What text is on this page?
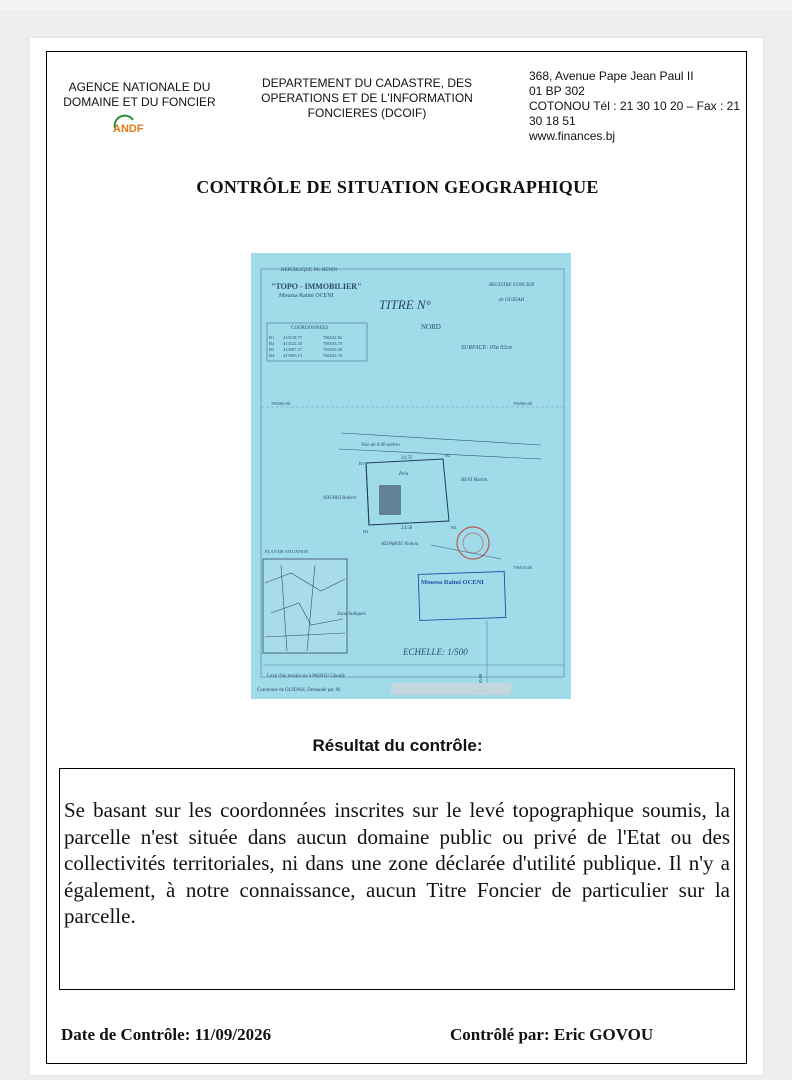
AGENCE NATIONALE DU DOMAINE ET DU FONCIER
ANDF
DEPARTEMENT DU CADASTRE, DES OPERATIONS ET DE L'INFORMATION FONCIERES (DCOIF)
368, Avenue Pape Jean Paul II
01 BP 302
COTONOU Tél : 21 30 10 20 – Fax : 21 30 18 51
www.finances.bj
CONTRÔLE DE SITUATION GEOGRAPHIQUE
REPUBLIQUE DU BENIN
"TOPO - IMMOBILIER"
Moussa Raimi OCENI
TITRE N°
REGISTRE FONCIER
de OUIDAH
COORDONNEES
B1 413118.77	706542.82
B2 413122.33	706535.75
B3 413097.27	706545.45
B4 413095.15	706542.70
NORD
SURFACE: 05a 02ca
706560.00	706560.00
Voie de 8.00 mètres
24.75
24.58
Pelu
BENI Martin
SOUBIO Robert
ADJAHOU Kokou
B1
B2
B3
B4
706510.00
PLAN DE SITUATION
Zone Indiquée
Moussa Raimi OCENI
ECHELLE: 1/500
Levé d'un terrain sis à PAHOU Gbodjè
Commune de OUIDAH, Demandé par M.
Résultat du contrôle:
Se basant sur les coordonnées inscrites sur le levé topographique soumis, la parcelle n'est située dans aucun domaine public ou privé de l'Etat ou des collectivités territoriales, ni dans une zone déclarée d'utilité publique. Il n'y a également, à notre connaissance, aucun Titre Foncier de particulier sur la parcelle.
Date de Contrôle: 11/09/2026	Contrôlé par: Eric GOVOU
